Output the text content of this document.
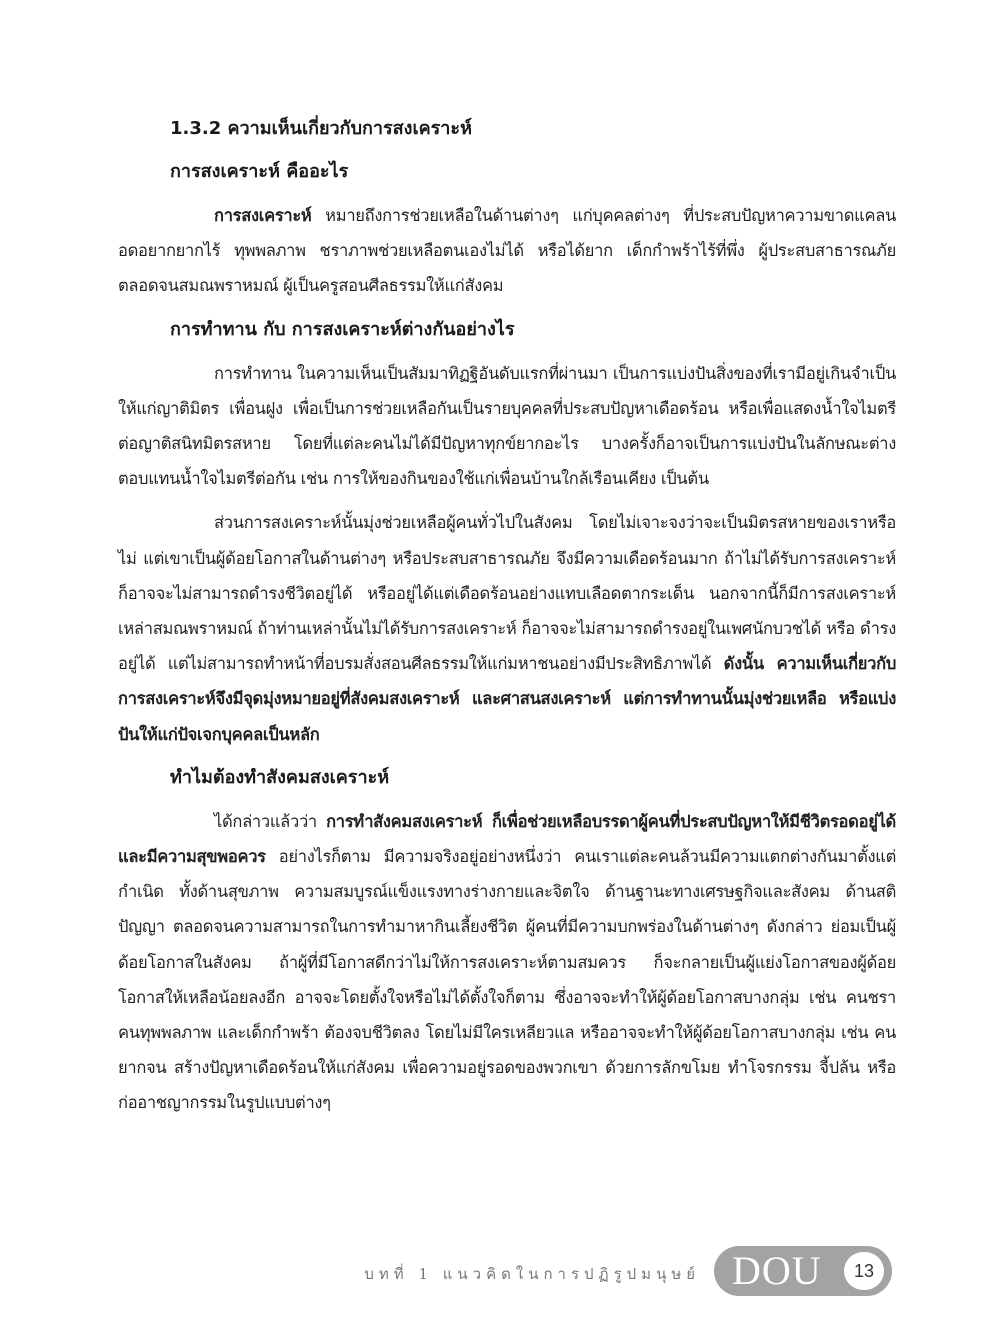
1.3.2 ความเห็นเกี่ยวกับการสงเคราะห์
การสงเคราะห์ คืออะไร

การสงเคราะห์ หมายถึงการช่วยเหลือในด้านต่างๆ แก่บุคคลต่างๆ ที่ประสบปัญหาความขาดแคลน อดอยากยากไร้ ทุพพลภาพ ชราภาพช่วยเหลือตนเองไม่ได้ หรือได้ยาก เด็กกำพร้าไร้ที่พึ่ง ผู้ประสบสาธารณภัย ตลอดจนสมณพราหมณ์ ผู้เป็นครูสอนศีลธรรมให้แก่สังคม

การทำทาน กับ การสงเคราะห์ต่างกันอย่างไร

การทำทาน ในความเห็นเป็นสัมมาทิฏฐิอันดับแรกที่ผ่านมา เป็นการแบ่งปันสิ่งของที่เรามีอยู่เกินจำเป็นให้แก่ญาติมิตร เพื่อนฝูง เพื่อเป็นการช่วยเหลือกันเป็นรายบุคคลที่ประสบปัญหาเดือดร้อน หรือเพื่อแสดงน้ำใจไมตรีต่อญาติสนิทมิตรสหาย โดยที่แต่ละคนไม่ได้มีปัญหาทุกข์ยากอะไร บางครั้งก็อาจเป็นการแบ่งปันในลักษณะต่างตอบแทนน้ำใจไมตรีต่อกัน เช่น การให้ของกินของใช้แก่เพื่อนบ้านใกล้เรือนเคียง เป็นต้น

ส่วนการสงเคราะห์นั้นมุ่งช่วยเหลือผู้คนทั่วไปในสังคม โดยไม่เจาะจงว่าจะเป็นมิตรสหายของเราหรือไม่ แต่เขาเป็นผู้ด้อยโอกาสในด้านต่างๆ หรือประสบสาธารณภัย จึงมีความเดือดร้อนมาก ถ้าไม่ได้รับการสงเคราะห์ก็อาจจะไม่สามารถดำรงชีวิตอยู่ได้ หรืออยู่ได้แต่เดือดร้อนอย่างแทบเลือดตากระเด็น นอกจากนี้ก็มีการสงเคราะห์เหล่าสมณพราหมณ์ ถ้าท่านเหล่านั้นไม่ได้รับการสงเคราะห์ ก็อาจจะไม่สามารถดำรงอยู่ในเพศนักบวชได้ หรือ ดำรงอยู่ได้ แต่ไม่สามารถทำหน้าที่อบรมสั่งสอนศีลธรรมให้แก่มหาชนอย่างมีประสิทธิภาพได้ ดังนั้น ความเห็นเกี่ยวกับการสงเคราะห์จึงมีจุดมุ่งหมายอยู่ที่สังคมสงเคราะห์ และศาสนสงเคราะห์ แต่การทำทานนั้นมุ่งช่วยเหลือ หรือแบ่งปันให้แก่ปัจเจกบุคคลเป็นหลัก

ทำไมต้องทำสังคมสงเคราะห์

ได้กล่าวแล้วว่า การทำสังคมสงเคราะห์ ก็เพื่อช่วยเหลือบรรดาผู้คนที่ประสบปัญหาให้มีชีวิตรอดอยู่ได้ และมีความสุขพอควร อย่างไรก็ตาม มีความจริงอยู่อย่างหนึ่งว่า คนเราแต่ละคนล้วนมีความแตกต่างกันมาตั้งแต่กำเนิด ทั้งด้านสุขภาพ ความสมบูรณ์แข็งแรงทางร่างกายและจิตใจ ด้านฐานะทางเศรษฐกิจและสังคม ด้านสติปัญญา ตลอดจนความสามารถในการทำมาหากินเลี้ยงชีวิต ผู้คนที่มีความบกพร่องในด้านต่างๆ ดังกล่าว ย่อมเป็นผู้ด้อยโอกาสในสังคม ถ้าผู้ที่มีโอกาสดีกว่าไม่ให้การสงเคราะห์ตามสมควร ก็จะกลายเป็นผู้แย่งโอกาสของผู้ด้อยโอกาสให้เหลือน้อยลงอีก อาจจะโดยตั้งใจหรือไม่ได้ตั้งใจก็ตาม ซึ่งอาจจะทำให้ผู้ด้อยโอกาสบางกลุ่ม เช่น คนชรา คนทุพพลภาพ และเด็กกำพร้า ต้องจบชีวิตลง โดยไม่มีใครเหลียวแล หรืออาจจะทำให้ผู้ด้อยโอกาสบางกลุ่ม เช่น คนยากจน สร้างปัญหาเดือดร้อนให้แก่สังคม เพื่อความอยู่รอดของพวกเขา ด้วยการลักขโมย ทำโจรกรรม จี้ปล้น หรือก่ออาชญากรรมในรูปแบบต่างๆ

บทที่ 1 แนวคิดในการปฏิรูปมนุษย์ DOU	13
